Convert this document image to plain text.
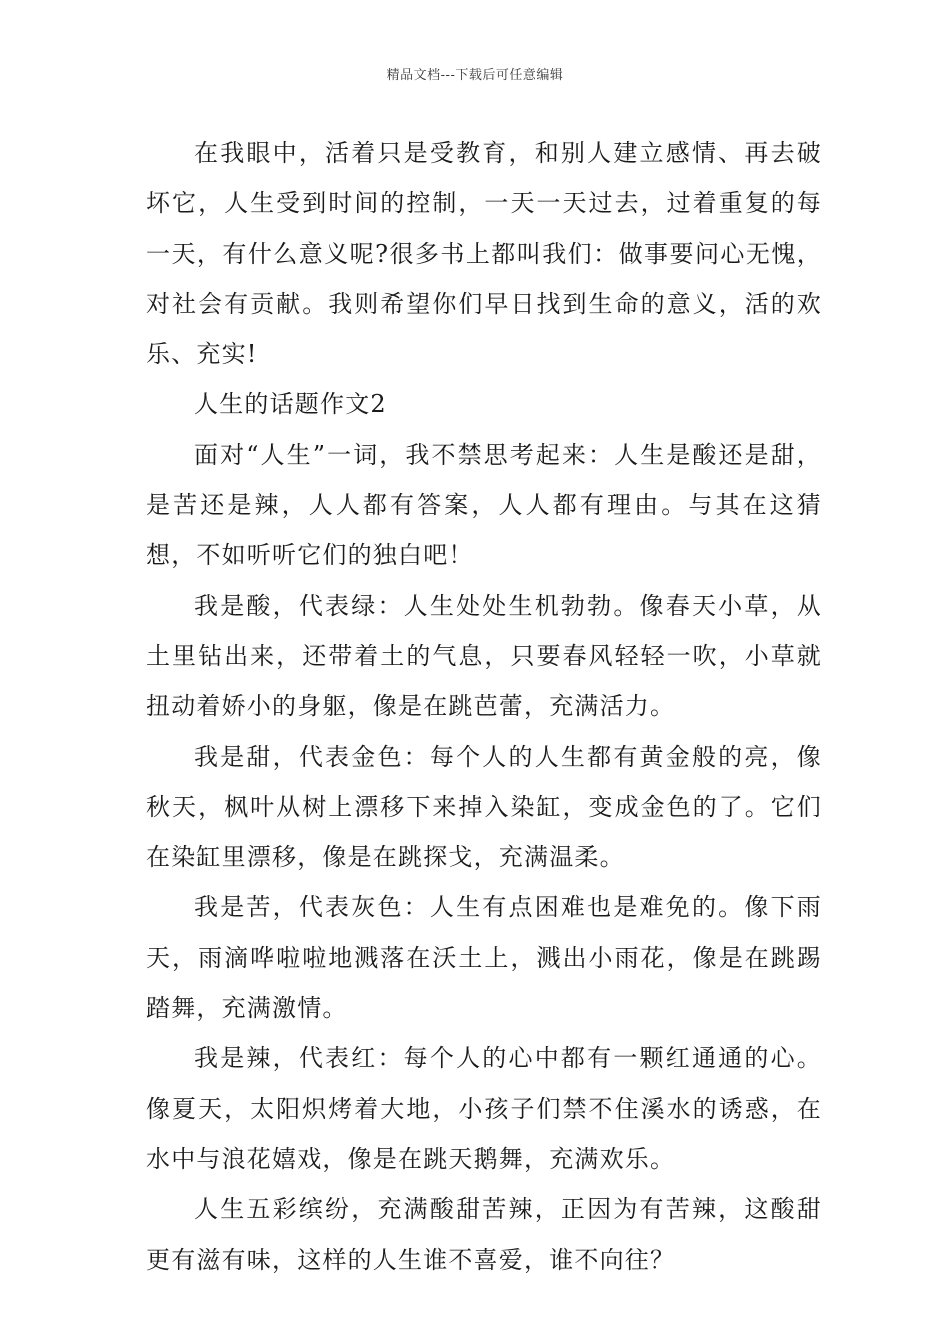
精品文档---下载后可任意编辑

在我眼中，活着只是受教育，和别人建立感情、再去破坏它，人生受到时间的控制，一天一天过去，过着重复的每一天，有什么意义呢?很多书上都叫我们：做事要问心无愧，对社会有贡献。我则希望你们早日找到生命的意义，活的欢乐、充实!

人生的话题作文2

面对“人生”一词，我不禁思考起来：人生是酸还是甜，是苦还是辣，人人都有答案，人人都有理由。与其在这猜想，不如听听它们的独白吧！

我是酸，代表绿：人生处处生机勃勃。像春天小草，从土里钻出来，还带着土的气息，只要春风轻轻一吹，小草就扭动着娇小的身躯，像是在跳芭蕾，充满活力。

我是甜，代表金色：每个人的人生都有黄金般的亮，像秋天，枫叶从树上漂移下来掉入染缸，变成金色的了。它们在染缸里漂移，像是在跳探戈，充满温柔。

我是苦，代表灰色：人生有点困难也是难免的。像下雨天，雨滴哗啦啦地溅落在沃土上，溅出小雨花，像是在跳踢踏舞，充满激情。

我是辣，代表红：每个人的心中都有一颗红通通的心。像夏天，太阳炽烤着大地，小孩子们禁不住溪水的诱惑，在水中与浪花嬉戏，像是在跳天鹅舞，充满欢乐。

人生五彩缤纷，充满酸甜苦辣，正因为有苦辣，这酸甜更有滋有味，这样的人生谁不喜爱，谁不向往？
